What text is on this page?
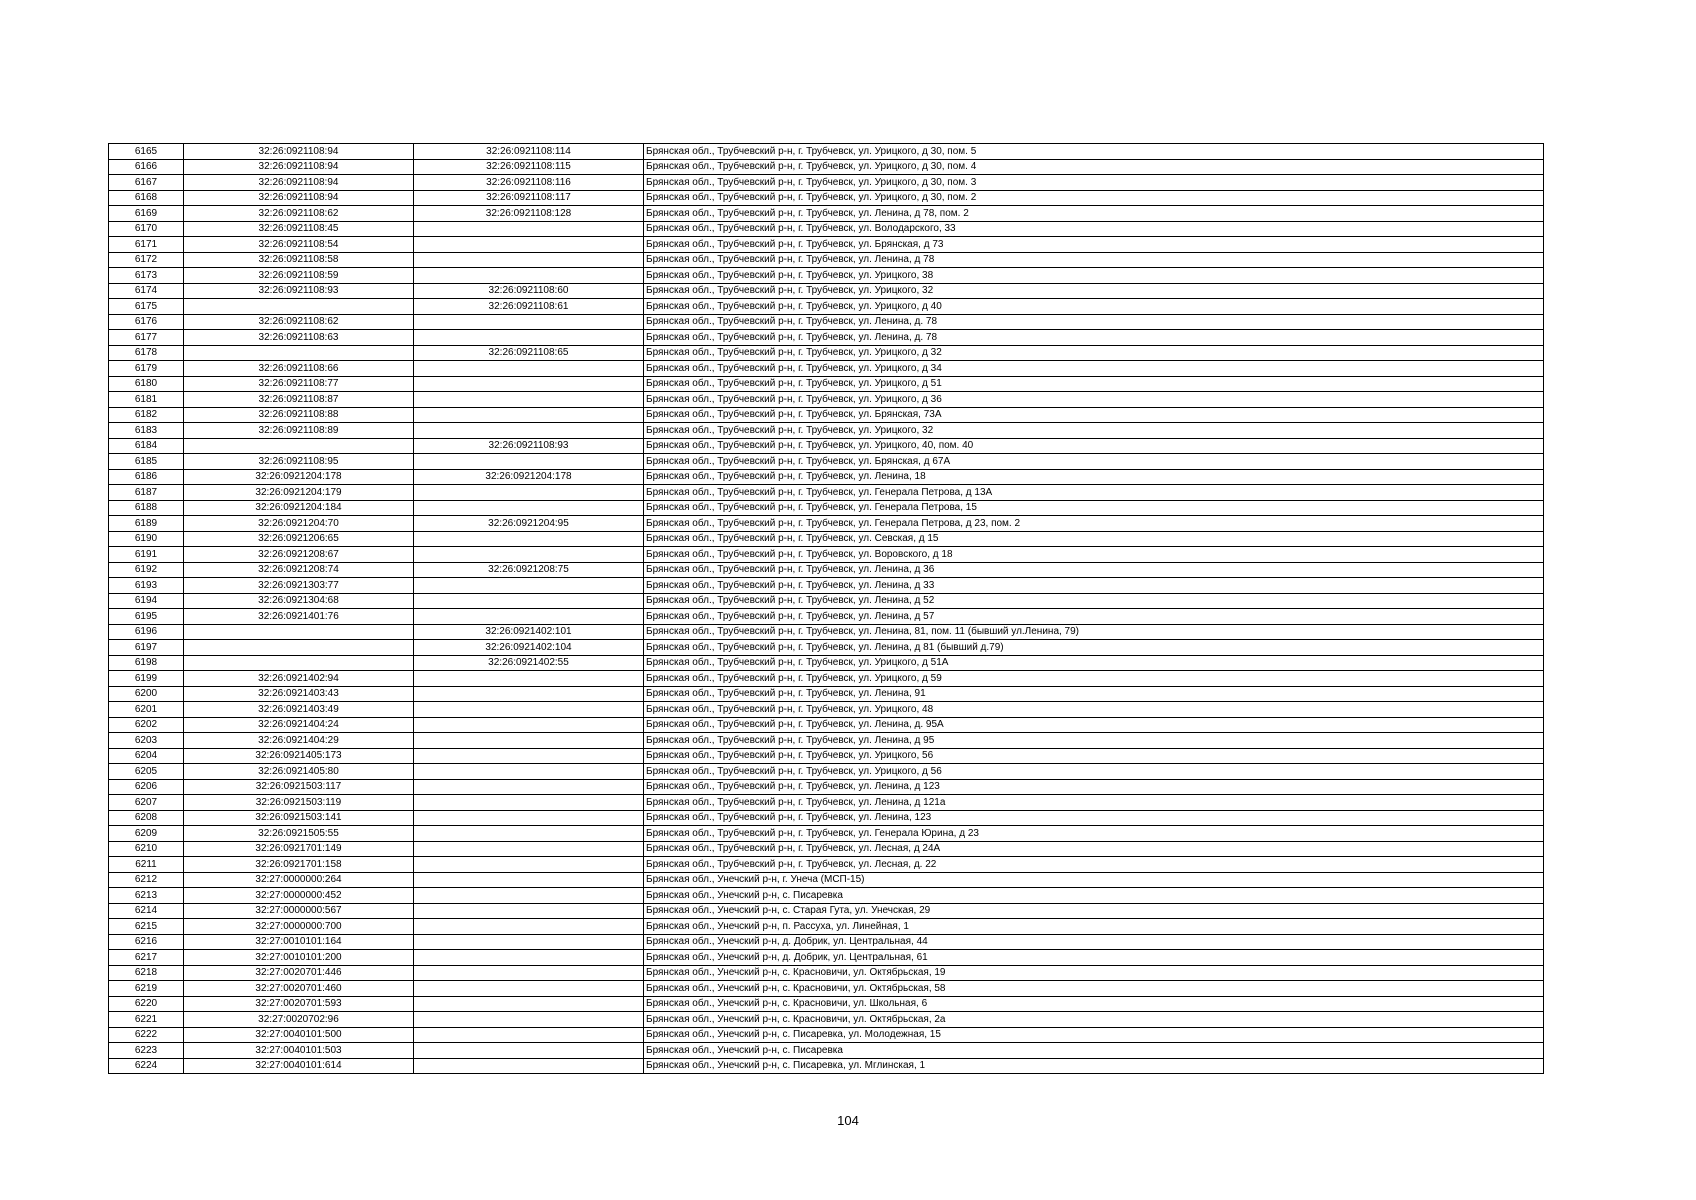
6165	32:26:0921108:94	32:26:0921108:114	Брянская обл., Трубчевский р-н, г. Трубчевск, ул. Урицкого, д 30, пом. 5
6166	32:26:0921108:94	32:26:0921108:115	Брянская обл., Трубчевский р-н, г. Трубчевск, ул. Урицкого, д 30, пом. 4
6167	32:26:0921108:94	32:26:0921108:116	Брянская обл., Трубчевский р-н, г. Трубчевск, ул. Урицкого, д 30, пом. 3
6168	32:26:0921108:94	32:26:0921108:117	Брянская обл., Трубчевский р-н, г. Трубчевск, ул. Урицкого, д 30, пом. 2
6169	32:26:0921108:62	32:26:0921108:128	Брянская обл., Трубчевский р-н, г. Трубчевск, ул. Ленина, д 78, пом. 2
6170	32:26:0921108:45		Брянская обл., Трубчевский р-н, г. Трубчевск, ул. Володарского, 33
6171	32:26:0921108:54		Брянская обл., Трубчевский р-н, г. Трубчевск, ул. Брянская, д 73
6172	32:26:0921108:58		Брянская обл., Трубчевский р-н, г. Трубчевск, ул. Ленина, д 78
6173	32:26:0921108:59		Брянская обл., Трубчевский р-н, г. Трубчевск, ул. Урицкого, 38
6174	32:26:0921108:93	32:26:0921108:60	Брянская обл., Трубчевский р-н, г. Трубчевск, ул. Урицкого, 32
6175		32:26:0921108:61	Брянская обл., Трубчевский р-н, г. Трубчевск, ул. Урицкого, д 40
6176	32:26:0921108:62		Брянская обл., Трубчевский р-н, г. Трубчевск, ул. Ленина, д. 78
6177	32:26:0921108:63		Брянская обл., Трубчевский р-н, г. Трубчевск, ул. Ленина, д. 78
6178		32:26:0921108:65	Брянская обл., Трубчевский р-н, г. Трубчевск, ул. Урицкого, д 32
6179	32:26:0921108:66		Брянская обл., Трубчевский р-н, г. Трубчевск, ул. Урицкого, д 34
6180	32:26:0921108:77		Брянская обл., Трубчевский р-н, г. Трубчевск, ул. Урицкого, д 51
6181	32:26:0921108:87		Брянская обл., Трубчевский р-н, г. Трубчевск, ул. Урицкого, д 36
6182	32:26:0921108:88		Брянская обл., Трубчевский р-н, г. Трубчевск, ул. Брянская, 73А
6183	32:26:0921108:89		Брянская обл., Трубчевский р-н, г. Трубчевск, ул. Урицкого, 32
6184		32:26:0921108:93	Брянская обл., Трубчевский р-н, г. Трубчевск, ул. Урицкого, 40, пом. 40
6185	32:26:0921108:95		Брянская обл., Трубчевский р-н, г. Трубчевск, ул. Брянская, д 67А
6186	32:26:0921204:178	32:26:0921204:178	Брянская обл., Трубчевский р-н, г. Трубчевск, ул. Ленина, 18
6187	32:26:0921204:179		Брянская обл., Трубчевский р-н, г. Трубчевск, ул. Генерала Петрова, д 13А
6188	32:26:0921204:184		Брянская обл., Трубчевский р-н, г. Трубчевск, ул. Генерала Петрова, 15
6189	32:26:0921204:70	32:26:0921204:95	Брянская обл., Трубчевский р-н, г. Трубчевск, ул. Генерала Петрова, д 23, пом. 2
6190	32:26:0921206:65		Брянская обл., Трубчевский р-н, г. Трубчевск, ул. Севская, д 15
6191	32:26:0921208:67		Брянская обл., Трубчевский р-н, г. Трубчевск, ул. Воровского, д 18
6192	32:26:0921208:74	32:26:0921208:75	Брянская обл., Трубчевский р-н, г. Трубчевск, ул. Ленина, д 36
6193	32:26:0921303:77		Брянская обл., Трубчевский р-н, г. Трубчевск, ул. Ленина, д 33
6194	32:26:0921304:68		Брянская обл., Трубчевский р-н, г. Трубчевск, ул. Ленина, д 52
6195	32:26:0921401:76		Брянская обл., Трубчевский р-н, г. Трубчевск, ул. Ленина, д 57
6196		32:26:0921402:101	Брянская обл., Трубчевский р-н, г. Трубчевск, ул. Ленина, 81, пом. 11 (бывший ул.Ленина, 79)
6197		32:26:0921402:104	Брянская обл., Трубчевский р-н, г. Трубчевск, ул. Ленина, д 81 (бывший д.79)
6198		32:26:0921402:55	Брянская обл., Трубчевский р-н, г. Трубчевск, ул. Урицкого, д 51А
6199	32:26:0921402:94		Брянская обл., Трубчевский р-н, г. Трубчевск, ул. Урицкого, д 59
6200	32:26:0921403:43		Брянская обл., Трубчевский р-н, г. Трубчевск, ул. Ленина, 91
6201	32:26:0921403:49		Брянская обл., Трубчевский р-н, г. Трубчевск, ул. Урицкого, 48
6202	32:26:0921404:24		Брянская обл., Трубчевский р-н, г. Трубчевск, ул. Ленина, д. 95А
6203	32:26:0921404:29		Брянская обл., Трубчевский р-н, г. Трубчевск, ул. Ленина, д 95
6204	32:26:0921405:173		Брянская обл., Трубчевский р-н, г. Трубчевск, ул. Урицкого, 56
6205	32:26:0921405:80		Брянская обл., Трубчевский р-н, г. Трубчевск, ул. Урицкого, д 56
6206	32:26:0921503:117		Брянская обл., Трубчевский р-н, г. Трубчевск, ул. Ленина, д 123
6207	32:26:0921503:119		Брянская обл., Трубчевский р-н, г. Трубчевск, ул. Ленина, д 121а
6208	32:26:0921503:141		Брянская обл., Трубчевский р-н, г. Трубчевск, ул. Ленина, 123
6209	32:26:0921505:55		Брянская обл., Трубчевский р-н, г. Трубчевск, ул. Генерала Юрина, д 23
6210	32:26:0921701:149		Брянская обл., Трубчевский р-н, г. Трубчевск, ул. Лесная, д 24А
6211	32:26:0921701:158		Брянская обл., Трубчевский р-н, г. Трубчевск, ул. Лесная, д. 22
6212	32:27:0000000:264		Брянская обл., Унечский р-н, г. Унеча (МСП-15)
6213	32:27:0000000:452		Брянская обл., Унечский р-н, с. Писаревка
6214	32:27:0000000:567		Брянская обл., Унечский р-н, с. Старая Гута, ул. Унечская, 29
6215	32:27:0000000:700		Брянская обл., Унечский р-н, п. Рассуха, ул. Линейная, 1
6216	32:27:0010101:164		Брянская обл., Унечский р-н, д. Добрик, ул. Центральная, 44
6217	32:27:0010101:200		Брянская обл., Унечский р-н, д. Добрик, ул. Центральная, 61
6218	32:27:0020701:446		Брянская обл., Унечский р-н, с. Красновичи, ул. Октябрьская, 19
6219	32:27:0020701:460		Брянская обл., Унечский р-н, с. Красновичи, ул. Октябрьская, 58
6220	32:27:0020701:593		Брянская обл., Унечский р-н, с. Красновичи, ул. Школьная, 6
6221	32:27:0020702:96		Брянская обл., Унечский р-н, с. Красновичи, ул. Октябрьская, 2а
6222	32:27:0040101:500		Брянская обл., Унечский р-н, с. Писаревка, ул. Молодежная, 15
6223	32:27:0040101:503		Брянская обл., Унечский р-н, с. Писаревка
6224	32:27:0040101:614		Брянская обл., Унечский р-н, с. Писаревка, ул. Мглинская, 1
104
